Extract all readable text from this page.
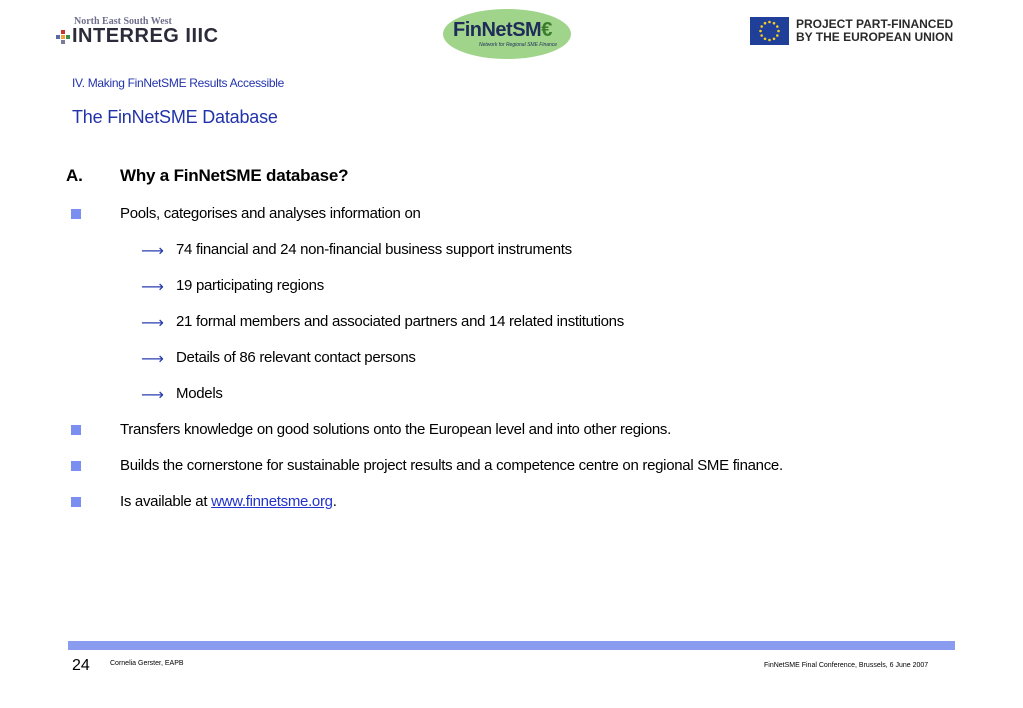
North East South West
INTERREG IIIC	FinNetSM€
Network for Regional SME Finance
PROJECT PART-FINANCED
BY THE EUROPEAN UNION
IV. Making FinNetSME Results Accessible
The FinNetSME Database
A. Why a FinNetSME database?
Pools, categorises and analyses information on
⟶ 74 financial and 24 non-financial business support instruments
⟶ 19 participating regions
⟶ 21 formal members and associated partners and 14 related institutions
⟶ Details of 86 relevant contact persons
⟶ Models
Transfers knowledge on good solutions onto the European level and into other regions.
Builds the cornerstone for sustainable project results and a competence centre on regional SME finance.
Is available at www.finnetsme.org.
24	Cornelia Gerster, EAPB	FinNetSME Final Conference, Brussels, 6 June 2007
